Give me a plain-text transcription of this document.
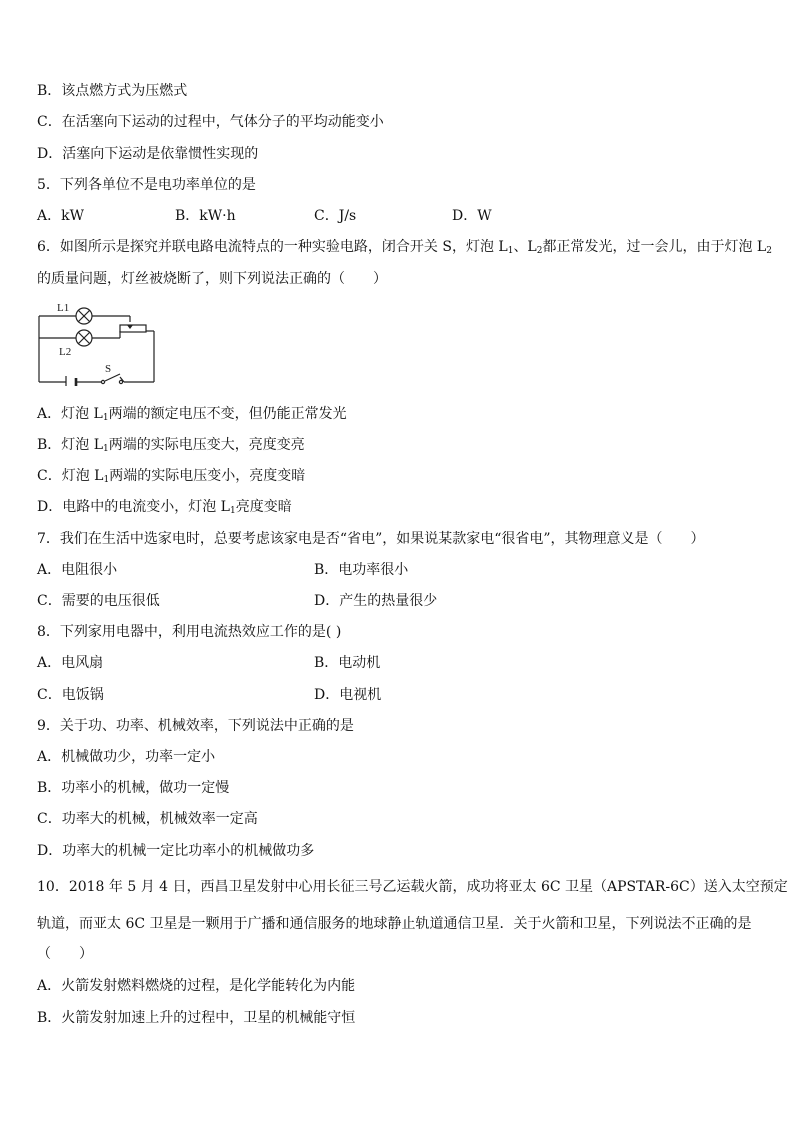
B．该点燃方式为压燃式
C．在活塞向下运动的过程中，气体分子的平均动能变小
D．活塞向下运动是依靠惯性实现的
5．下列各单位不是电功率单位的是
A．kW	B．kW·h	C．J/s	D．W
6．如图所示是探究并联电路电流特点的一种实验电路，闭合开关 S，灯泡 $L_1$、$L_2$都正常发光，过一会儿，由于灯泡 $L_2$
的质量问题，灯丝被烧断了，则下列说法正确的（　　）
L1
L2
S
A．灯泡 $L_1$两端的额定电压不变，但仍能正常发光
B．灯泡 $L_1$两端的实际电压变大，亮度变亮
C．灯泡 $L_1$两端的实际电压变小，亮度变暗
D．电路中的电流变小，灯泡 $L_1$亮度变暗
7．我们在生活中选家电时，总要考虑该家电是否“省电”，如果说某款家电“很省电”，其物理意义是（　　）
A．电阻很小	B．电功率很小
C．需要的电压很低	D．产生的热量很少
8．下列家用电器中，利用电流热效应工作的是( )
A．电风扇	B．电动机
C．电饭锅	D．电视机
9．关于功、功率、机械效率，下列说法中正确的是
A．机械做功少，功率一定小
B．功率小的机械，做功一定慢
C．功率大的机械，机械效率一定高
D．功率大的机械一定比功率小的机械做功多
10．2018 年 5 月 4 日，西昌卫星发射中心用长征三号乙运载火箭，成功将亚太 6C 卫星（APSTAR-6C）送入太空预定
轨道，而亚太 6C 卫星是一颗用于广播和通信服务的地球静止轨道通信卫星．关于火箭和卫星，下列说法不正确的是
（　　）
A．火箭发射燃料燃烧的过程，是化学能转化为内能
B．火箭发射加速上升的过程中，卫星的机械能守恒
